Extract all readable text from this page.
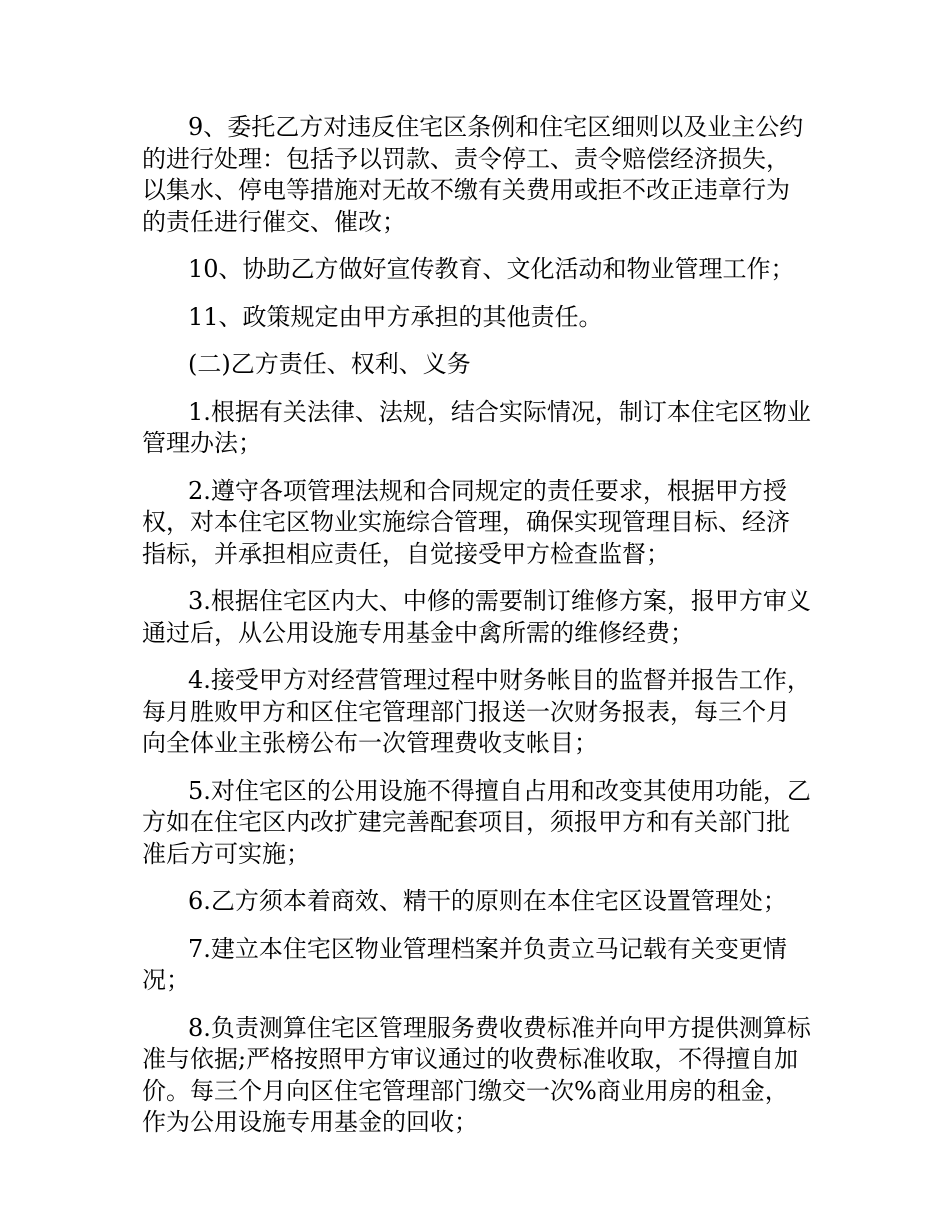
9、委托乙方对违反住宅区条例和住宅区细则以及业主公约的进行处理：包括予以罚款、责令停工、责令赔偿经济损失，以集水、停电等措施对无故不缴有关费用或拒不改正违章行为的责任进行催交、催改；

10、协助乙方做好宣传教育、文化活动和物业管理工作；

11、政策规定由甲方承担的其他责任。

(二)乙方责任、权利、义务

1.根据有关法律、法规，结合实际情况，制订本住宅区物业管理办法；

2.遵守各项管理法规和合同规定的责任要求，根据甲方授权，对本住宅区物业实施综合管理，确保实现管理目标、经济指标，并承担相应责任，自觉接受甲方检查监督；

3.根据住宅区内大、中修的需要制订维修方案，报甲方审义通过后，从公用设施专用基金中禽所需的维修经费；

4.接受甲方对经营管理过程中财务帐目的监督并报告工作，每月胜败甲方和区住宅管理部门报送一次财务报表，每三个月向全体业主张榜公布一次管理费收支帐目；

5.对住宅区的公用设施不得擅自占用和改变其使用功能，乙方如在住宅区内改扩建完善配套项目，须报甲方和有关部门批准后方可实施；

6.乙方须本着商效、精干的原则在本住宅区设置管理处；

7.建立本住宅区物业管理档案并负责立马记载有关变更情况；

8.负责测算住宅区管理服务费收费标准并向甲方提供测算标准与依据;严格按照甲方审议通过的收费标准收取，不得擅自加价。每三个月向区住宅管理部门缴交一次%商业用房的租金，作为公用设施专用基金的回收；
